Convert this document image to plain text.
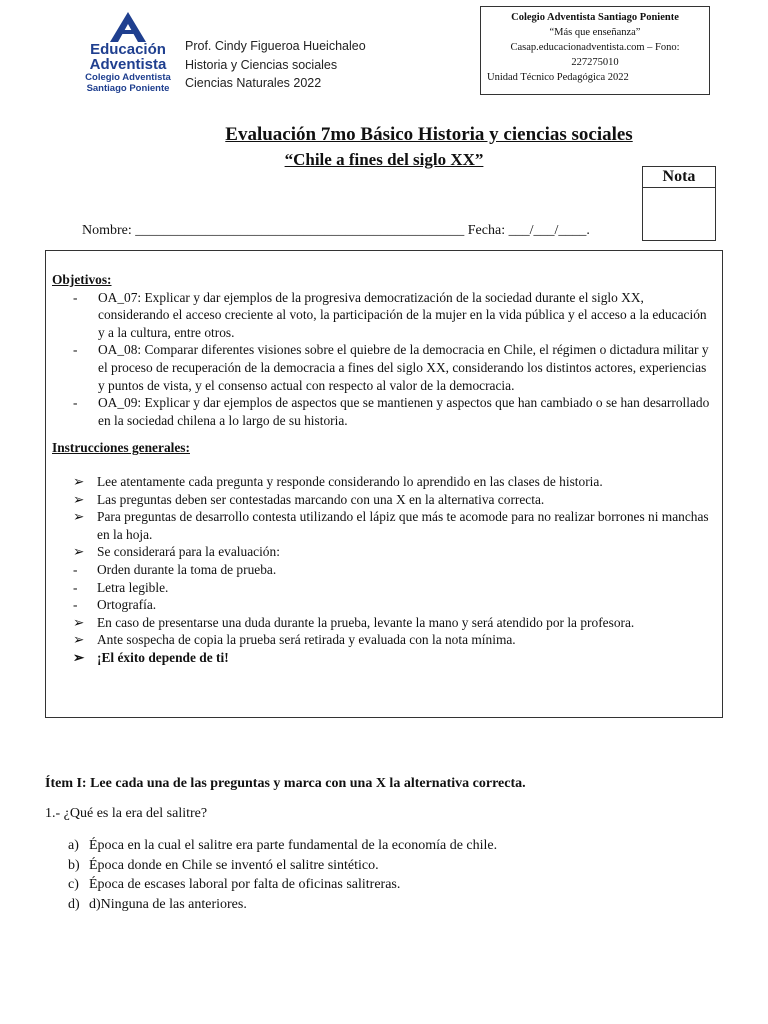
Educación
Adventista
Colegio Adventista
Santiago Poniente
Prof. Cindy Figueroa Hueichaleo
Historia y Ciencias sociales
Ciencias Naturales 2022
Colegio Adventista Santiago Poniente
“Más que enseñanza”
Casap.educacionadventista.com – Fono:
227275010
Unidad Técnico Pedagógica 2022
Evaluación 7mo Básico Historia y ciencias sociales
“Chile a fines del siglo XX”
Nota
Nombre: _______________________________________________ Fecha: ___/___/____.
Objetivos:
- OA_07: Explicar y dar ejemplos de la progresiva democratización de la sociedad durante el siglo XX, considerando el acceso creciente al voto, la participación de la mujer en la vida pública y el acceso a la educación y a la cultura, entre otros.
- OA_08: Comparar diferentes visiones sobre el quiebre de la democracia en Chile, el régimen o dictadura militar y el proceso de recuperación de la democracia a fines del siglo XX, considerando los distintos actores, experiencias y puntos de vista, y el consenso actual con respecto al valor de la democracia.
- OA_09: Explicar y dar ejemplos de aspectos que se mantienen y aspectos que han cambiado o se han desarrollado en la sociedad chilena a lo largo de su historia.
Instrucciones generales:
➢ Lee atentamente cada pregunta y responde considerando lo aprendido en las clases de historia.
➢ Las preguntas deben ser contestadas marcando con una X en la alternativa correcta.
➢ Para preguntas de desarrollo contesta utilizando el lápiz que más te acomode para no realizar borrones ni manchas en la hoja.
➢ Se considerará para la evaluación:
- Orden durante la toma de prueba.
- Letra legible.
- Ortografía.
➢ En caso de presentarse una duda durante la prueba, levante la mano y será atendido por la profesora.
➢ Ante sospecha de copia la prueba será retirada y evaluada con la nota mínima.
➢ ¡El éxito depende de ti!
Ítem I: Lee cada una de las preguntas y marca con una X la alternativa correcta.
1.- ¿Qué es la era del salitre?
a) Época en la cual el salitre era parte fundamental de la economía de chile.
b) Época donde en Chile se inventó el salitre sintético.
c) Época de escases laboral por falta de oficinas salitreras.
d) d)Ninguna de las anteriores.
